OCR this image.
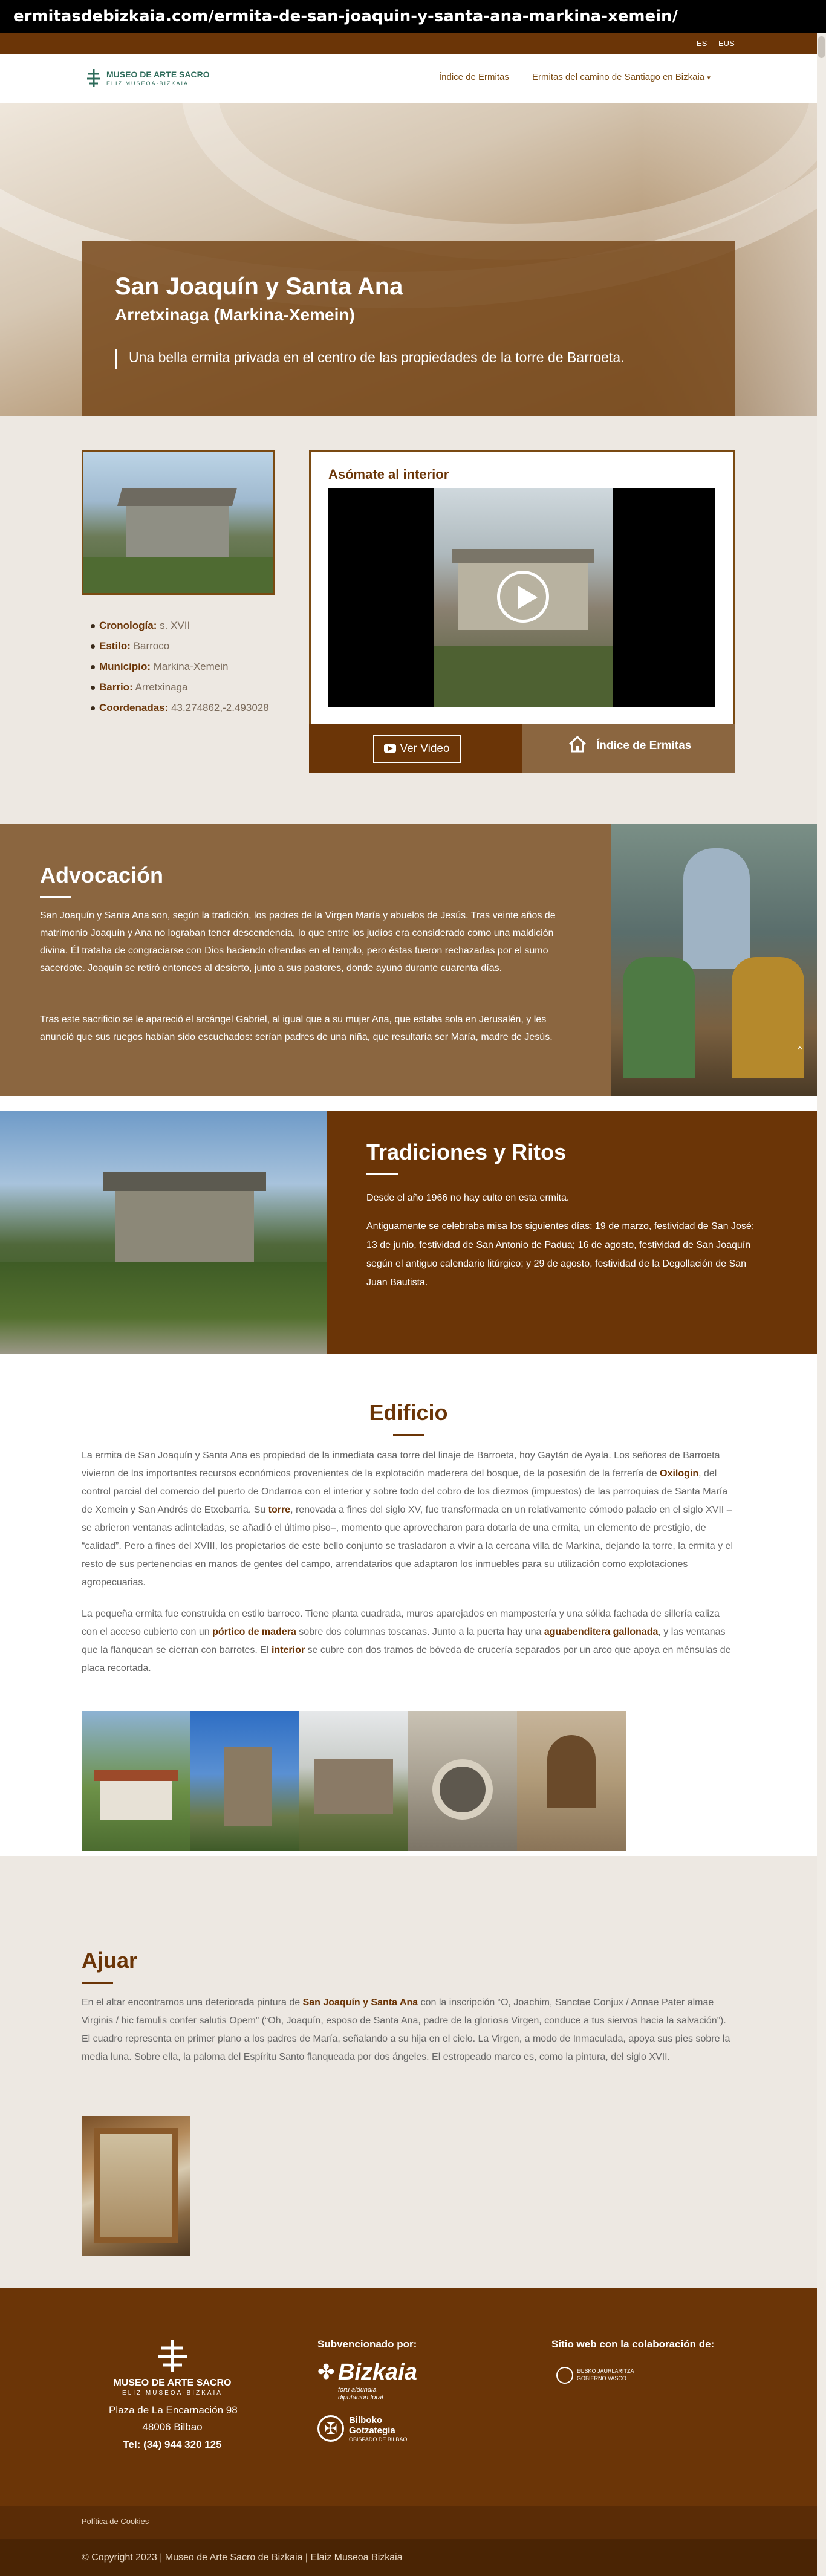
ermitasdebizkaia.com/ermita-de-san-joaquin-y-santa-ana-markina-xemein/
ES EUS
MUSEO DE ARTE SACRO
ELIZ MUSEOA·BIZKAIA
Índice de Ermitas	Ermitas del camino de Santiago en Bizkaia ▾
San Joaquín y Santa Ana
Arretxinaga (Markina-Xemein)

Una bella ermita privada en el centro de las propiedades de la torre de Barroeta.

Cronología: s. XVII
Estilo: Barroco
Municipio: Markina-Xemein
Barrio: Arretxinaga
Coordenadas: 43.274862,-2.493028
Asómate al interior
Ver Video	Índice de Ermitas
Advocación

San Joaquín y Santa Ana son, según la tradición, los padres de la Virgen María y abuelos de Jesús. Tras veinte años de matrimonio Joaquín y Ana no lograban tener descendencia, lo que entre los judíos era considerado como una maldición divina. Él trataba de congraciarse con Dios haciendo ofrendas en el templo, pero éstas fueron rechazadas por el sumo sacerdote. Joaquín se retiró entonces al desierto, junto a sus pastores, donde ayunó durante cuarenta días.

Tras este sacrificio se le apareció el arcángel Gabriel, al igual que a su mujer Ana, que estaba sola en Jerusalén, y les anunció que sus ruegos habían sido escuchados: serían padres de una niña, que resultaría ser María, madre de Jesús.

⌃
Tradiciones y Ritos

Desde el año 1966 no hay culto en esta ermita.

Antiguamente se celebraba misa los siguientes días: 19 de marzo, festividad de San José; 13 de junio, festividad de San Antonio de Padua; 16 de agosto, festividad de San Joaquín según el antiguo calendario litúrgico; y 29 de agosto, festividad de la Degollación de San Juan Bautista.

Edificio

La ermita de San Joaquín y Santa Ana es propiedad de la inmediata casa torre del linaje de Barroeta, hoy Gaytán de Ayala. Los señores de Barroeta vivieron de los importantes recursos económicos provenientes de la explotación maderera del bosque, de la posesión de la ferrería de Oxilogin, del control parcial del comercio del puerto de Ondarroa con el interior y sobre todo del cobro de los diezmos (impuestos) de las parroquias de Santa María de Xemein y San Andrés de Etxebarria. Su torre, renovada a fines del siglo XV, fue transformada en un relativamente cómodo palacio en el siglo XVII –se abrieron ventanas adinteladas, se añadió el último piso–, momento que aprovecharon para dotarla de una ermita, un elemento de prestigio, de “calidad”. Pero a fines del XVIII, los propietarios de este bello conjunto se trasladaron a vivir a la cercana villa de Markina, dejando la torre, la ermita y el resto de sus pertenencias en manos de gentes del campo, arrendatarios que adaptaron los inmuebles para su utilización como explotaciones agropecuarias.

La pequeña ermita fue construida en estilo barroco. Tiene planta cuadrada, muros aparejados en mampostería y una sólida fachada de sillería caliza con el acceso cubierto con un pórtico de madera sobre dos columnas toscanas. Junto a la puerta hay una aguabenditera gallonada, y las ventanas que la flanquean se cierran con barrotes. El interior se cubre con dos tramos de bóveda de crucería separados por un arco que apoya en ménsulas de placa recortada.

Ajuar

En el altar encontramos una deteriorada pintura de San Joaquín y Santa Ana con la inscripción “O, Joachim, Sanctae Conjux / Annae Pater almae Virginis / hic famulis confer salutis Opem” (“Oh, Joaquín, esposo de Santa Ana, padre de la gloriosa Virgen, conduce a tus siervos hacia la salvación”). El cuadro representa en primer plano a los padres de María, señalando a su hija en el cielo. La Virgen, a modo de Inmaculada, apoya sus pies sobre la media luna. Sobre ella, la paloma del Espíritu Santo flanqueada por dos ángeles. El estropeado marco es, como la pintura, del siglo XVII.

MUSEO DE ARTE SACRO
ELIZ MUSEOA·BIZKAIA
Plaza de La Encarnación 98
48006 Bilbao
Tel: (34) 944 320 125
Subvencionado por:
✤ Bizkaia
foru aldundia
diputación foral
✠	Bilboko
Gotzategia
OBISPADO DE BILBAO
Sitio web con la colaboración de:
EUSKO JAURLARITZA
GOBIERNO VASCO
Política de Cookies
© Copyright 2023 | Museo de Arte Sacro de Bizkaia | Elaiz Museoa Bizkaia
